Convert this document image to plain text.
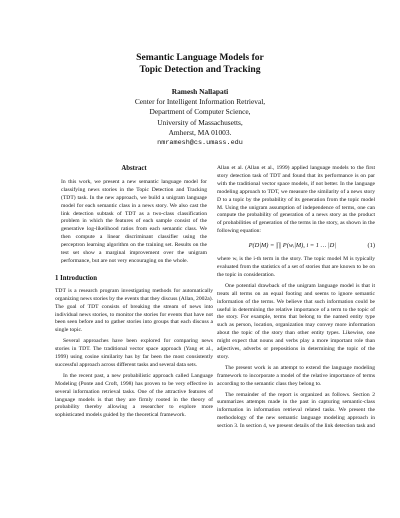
Semantic Language Models for
Topic Detection and Tracking
Ramesh Nallapati
Center for Intelligent Information Retrieval,
Department of Computer Science,
University of Massachusetts,
Amherst, MA 01003.
nmramesh@cs.umass.edu
Abstract

In this work, we present a new semantic language model for classifying news stories in the Topic Detection and Tracking (TDT) task. In the new approach, we build a unigram language model for each semantic class in a news story. We also cast the link detection subtask of TDT as a two-class classification problem in which the features of each sample consist of the generative log-likelihood ratios from each semantic class. We then compute a linear discriminant classifier using the perceptron learning algorithm on the training set. Results on the test set show a marginal improvement over the unigram performance, but are not very encouraging on the whole.

1 Introduction

TDT is a research program investigating methods for automatically organizing news stories by the events that they discuss (Allan, 2002a). The goal of TDT consists of breaking the stream of news into individual news stories, to monitor the stories for events that have not been seen before and to gather stories into groups that each discuss a single topic.

Several approaches have been explored for comparing news stories in TDT. The traditional vector space approach (Yang et al., 1999) using cosine similarity has by far been the most consistently successful approach across different tasks and several data sets.

In the recent past, a new probabilistic approach called Language Modeling (Ponte and Croft, 1998) has proven to be very effective in several information retrieval tasks. One of the attractive features of language models is that they are firmly rooted in the theory of probability thereby allowing a researcher to explore more sophisticated models guided by the theoretical framework.

Allan et al. (Allan et al., 1999) applied language models to the first story detection task of TDT and found that its performance is on par with the traditional vector space models, if not better. In the language modeling approach to TDT, we measure the similarity of a news story D to a topic by the probability of its generation from the topic model M. Using the unigram assumption of independence of terms, one can compute the probability of generation of a news story as the product of probabilities of generation of the terms in the story, as shown in the following equation:

P(D|M) = ∏ P(wᵢ|M), i = 1 … |D|	(1)

where wᵢ is the i-th term in the story. The topic model M is typically evaluated from the statistics of a set of stories that are known to be on the topic in consideration.

One potential drawback of the unigram language model is that it treats all terms on an equal footing and seems to ignore semantic information of the terms. We believe that such information could be useful in determining the relative importance of a term to the topic of the story. For example, terms that belong to the named entity type such as person, location, organization may convey more information about the topic of the story than other entity types. Likewise, one might expect that nouns and verbs play a more important role than adjectives, adverbs or prepositions in determining the topic of the story.

The present work is an attempt to extend the language modeling framework to incorporate a model of the relative importance of terms according to the semantic class they belong to.

The remainder of the report is organized as follows. Section 2 summarizes attempts made in the past in capturing semantic-class information in information retrieval related tasks. We present the methodology of the new semantic language modeling approach in section 3. In section 4, we present details of the link detection task and
